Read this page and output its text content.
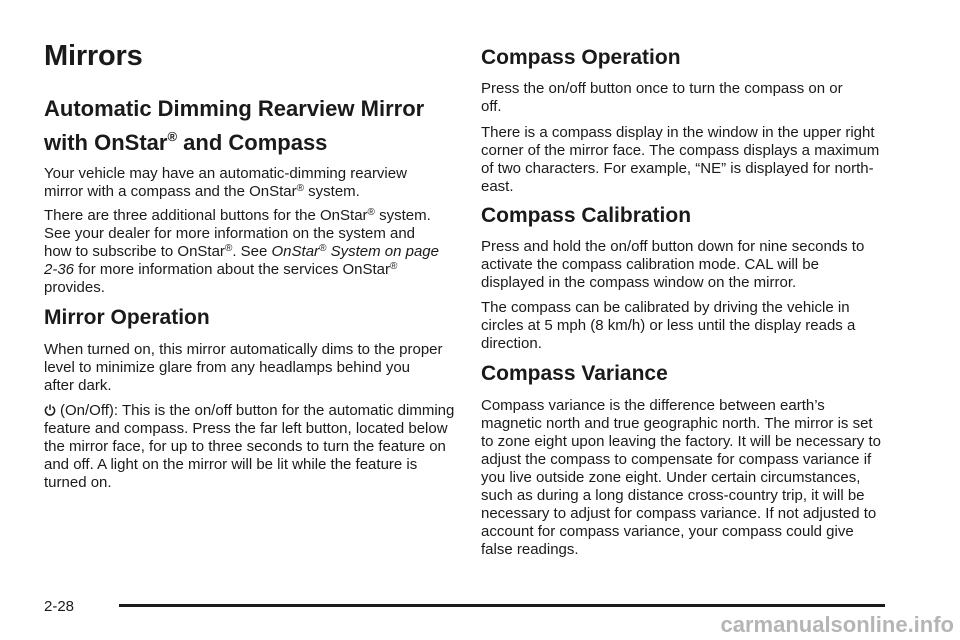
Mirrors
Automatic Dimming Rearview Mirror
with OnStar® and Compass

Your vehicle may have an automatic-dimming rearview mirror with a compass and the OnStar® system.

There are three additional buttons for the OnStar® system. See your dealer for more information on the system and how to subscribe to OnStar®. See OnStar® System on page 2-36 for more information about the services OnStar® provides.

Mirror Operation

When turned on, this mirror automatically dims to the proper level to minimize glare from any headlamps behind you after dark.

(On/Off): This is the on/off button for the automatic dimming feature and compass. Press the far left button, located below the mirror face, for up to three seconds to turn the feature on and off. A light on the mirror will be lit while the feature is turned on.

Compass Operation

Press the on/off button once to turn the compass on or off.

There is a compass display in the window in the upper right corner of the mirror face. The compass displays a maximum of two characters. For example, “NE” is displayed for north-east.

Compass Calibration

Press and hold the on/off button down for nine seconds to activate the compass calibration mode. CAL will be displayed in the compass window on the mirror.

The compass can be calibrated by driving the vehicle in circles at 5 mph (8 km/h) or less until the display reads a direction.

Compass Variance

Compass variance is the difference between earth’s magnetic north and true geographic north. The mirror is set to zone eight upon leaving the factory. It will be necessary to adjust the compass to compensate for compass variance if you live outside zone eight. Under certain circumstances, such as during a long distance cross-country trip, it will be necessary to adjust for compass variance. If not adjusted to account for compass variance, your compass could give false readings.

2-28
carmanualsonline.info
